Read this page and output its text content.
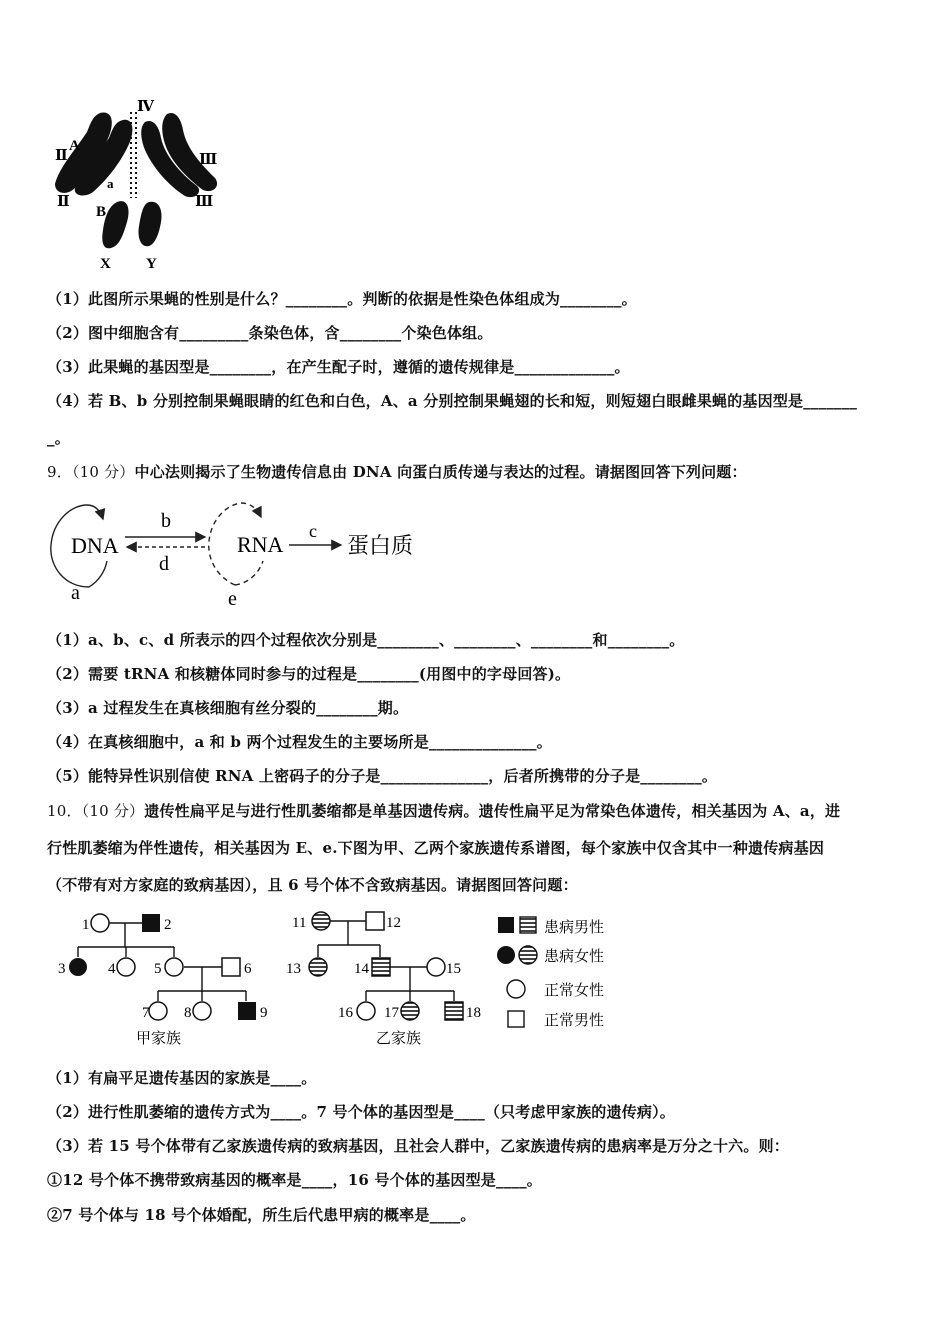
Ⅳ
Ⅱ
A
a
Ⅱ
B
Ⅲ
Ⅲ
X Y
（1）此图所示果蝇的性别是什么？________。判断的依据是性染色体组成为________。
（2）图中细胞含有_________条染色体，含________个染色体组。
（3）此果蝇的基因型是________，在产生配子时，遵循的遗传规律是_____________。
（4）若 B、b 分别控制果蝇眼睛的红色和白色，A、a 分别控制果蝇翅的长和短，则短翅白眼雌果蝇的基因型是_______
_。
9．（10 分）中心法则揭示了生物遗传信息由 DNA 向蛋白质传递与表达的过程。请据图回答下列问题：
DNA
a
b
d
RNA
e
c
蛋白质
（1）a、b、c、d 所表示的四个过程依次分别是________、________、________和________。
（2）需要 tRNA 和核糖体同时参与的过程是________(用图中的字母回答)。
（3）a 过程发生在真核细胞有丝分裂的________期。
（4）在真核细胞中，a 和 b 两个过程发生的主要场所是______________。
（5）能特异性识别信使 RNA 上密码子的分子是______________，后者所携带的分子是________。
10．（10 分）遗传性扁平足与进行性肌萎缩都是单基因遗传病。遗传性扁平足为常染色体遗传，相关基因为 A、a，进
行性肌萎缩为伴性遗传，相关基因为 E、e.下图为甲、乙两个家族遗传系谱图，每个家族中仅含其中一种遗传病基因
（不带有对方家庭的致病基因），且 6 号个体不含致病基因。请据图回答问题：
1	2
3	4	5	6
7 8	9
甲家族
11	12
13	14	15
16 17	18
乙家族
患病男性
患病女性
正常女性
正常男性
（1）有扁平足遗传基因的家族是____。
（2）进行性肌萎缩的遗传方式为____。7 号个体的基因型是____（只考虑甲家族的遗传病）。
（3）若 15 号个体带有乙家族遗传病的致病基因，且社会人群中，乙家族遗传病的患病率是万分之十六。则：
①12 号个体不携带致病基因的概率是____，16 号个体的基因型是____。
②7 号个体与 18 号个体婚配，所生后代患甲病的概率是____。
